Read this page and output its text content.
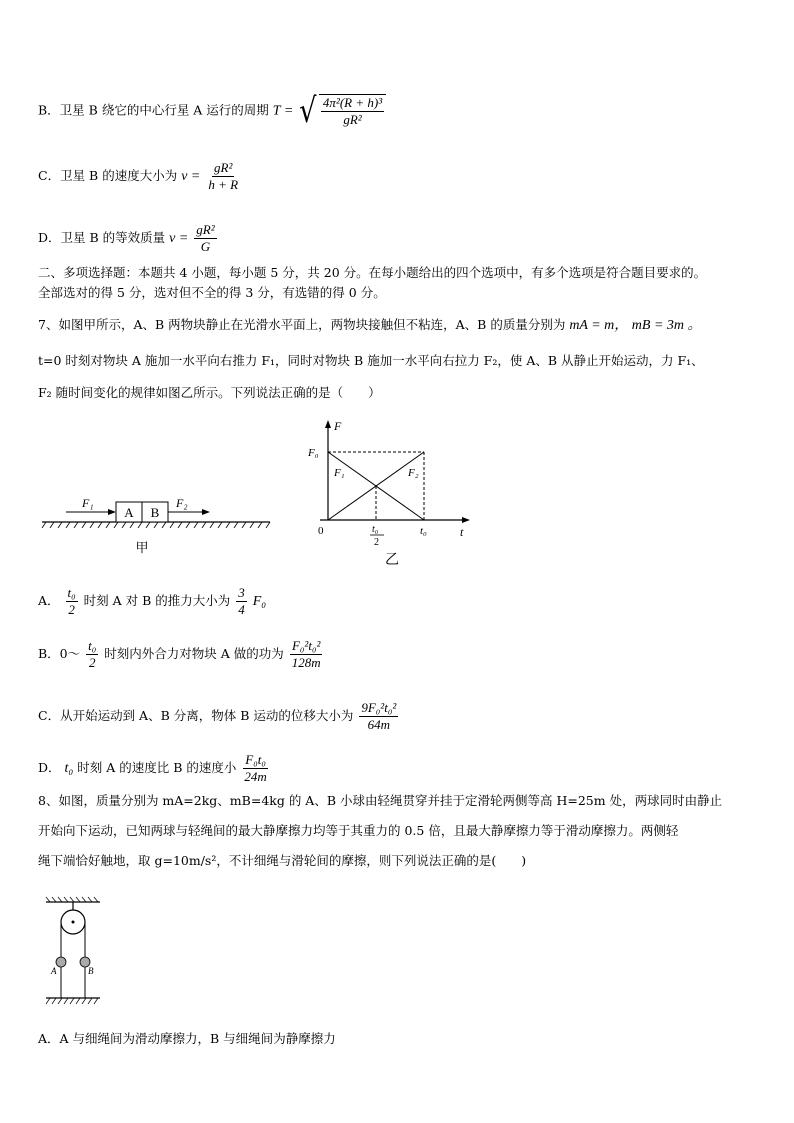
B．卫星 B 绕它的中心行星 A 运行的周期 T = √ $\frac{\text{4π²(R + h)³}}{\text{gR²}}$
C．卫星 B 的速度大小为 $v = \frac{\text{gR²}}{h + R}$
D．卫星 B 的等效质量 $v = \frac{\text{gR²}}{G}$
二、多项选择题：本题共 4 小题，每小题 5 分，共 20 分。在每小题给出的四个选项中，有多个选项是符合题目要求的。
全部选对的得 5 分，选对但不全的得 3 分，有选错的得 0 分。
7、如图甲所示，A、B 两物块静止在光滑水平面上，两物块接触但不粘连，A、B 的质量分别为 mA = m， mB = 3m 。
t=0 时刻对物块 A 施加一水平向右推力 F₁，同时对物块 B 施加一水平向右拉力 F₂，使 A、B 从静止开始运动，力 F₁、
F₂ 随时间变化的规律如图乙所示。下列说法正确的是（　　）
A B
F₁	F₂
甲
F
t
F₀
0
F₁	F₂
t₀
t₀
2
乙
A． $\frac{\text{t₀}}{2}$ 时刻 A 对 B 的推力大小为 $\frac{3}{4} F_0$
B．0～ $\frac{\text{t₀}}{2}$ 时刻内外合力对物块 A 做的功为 $\frac{\text{F₀²t₀²}}{128m}$
C．从开始运动到 A、B 分离，物体 B 运动的位移大小为 $\frac{\text{9F₀²t₀²}}{64m}$
D． t₀ 时刻 A 的速度比 B 的速度小 $\frac{\text{F₀t₀}}{24m}$
8、如图，质量分别为 mA=2kg、mB=4kg 的 A、B 小球由轻绳贯穿并挂于定滑轮两侧等高 H=25m 处，两球同时由静止
开始向下运动，已知两球与轻绳间的最大静摩擦力均等于其重力的 0.5 倍，且最大静摩擦力等于滑动摩擦力。两侧轻
绳下端恰好触地，取 g=10m/s²，不计细绳与滑轮间的摩擦，则下列说法正确的是(　　)
A	B
A．A 与细绳间为滑动摩擦力，B 与细绳间为静摩擦力
